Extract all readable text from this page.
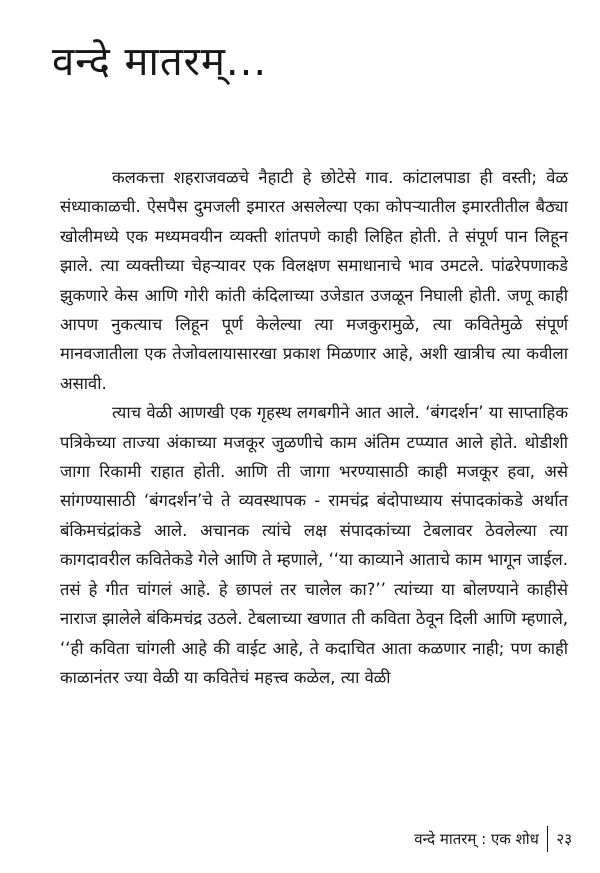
वन्दे मातरम्...

कलकत्ता शहराजवळचे नैहाटी हे छोटेसे गाव. कांटालपाडा ही वस्ती; वेळ संध्याकाळची. ऐसपैस दुमजली इमारत असलेल्या एका कोपऱ्यातील इमारतीतील बैठ्या खोलीमध्ये एक मध्यमवयीन व्यक्ती शांतपणे काही लिहित होती. ते संपूर्ण पान लिहून झाले. त्या व्यक्तीच्या चेहऱ्यावर एक विलक्षण समाधानाचे भाव उमटले. पांढरेपणाकडे झुकणारे केस आणि गोरी कांती कंदिलाच्या उजेडात उजळून निघाली होती. जणू काही आपण नुकत्याच लिहून पूर्ण केलेल्या त्या मजकुरामुळे, त्या कवितेमुळे संपूर्ण मानवजातीला एक तेजोवलायासारखा प्रकाश मिळणार आहे, अशी खात्रीच त्या कवीला असावी.

त्याच वेळी आणखी एक गृहस्थ लगबगीने आत आले. ‘बंगदर्शन’ या साप्ताहिक पत्रिकेच्या ताज्या अंकाच्या मजकूर जुळणीचे काम अंतिम टप्प्यात आले होते. थोडीशी जागा रिकामी राहात होती. आणि ती जागा भरण्यासाठी काही मजकूर हवा, असे सांगण्यासाठी ‘बंगदर्शन’चे ते व्यवस्थापक - रामचंद्र बंदोपाध्याय संपादकांकडे अर्थात बंकिमचंद्रांकडे आले. अचानक त्यांचे लक्ष संपादकांच्या टेबलावर ठेवलेल्या त्या कागदावरील कवितेकडे गेले आणि ते म्हणाले, ‘‘या काव्याने आताचे काम भागून जाईल. तसं हे गीत चांगलं आहे. हे छापलं तर चालेल का?’’ त्यांच्या या बोलण्याने काहीसे नाराज झालेले बंकिमचंद्र उठले. टेबलाच्या खणात ती कविता ठेवून दिली आणि म्हणाले, ‘‘ही कविता चांगली आहे की वाईट आहे, ते कदाचित आता कळणार नाही; पण काही काळानंतर ज्या वेळी या कवितेचं महत्त्व कळेल, त्या वेळी

वन्दे मातरम् : एक शोध २३
